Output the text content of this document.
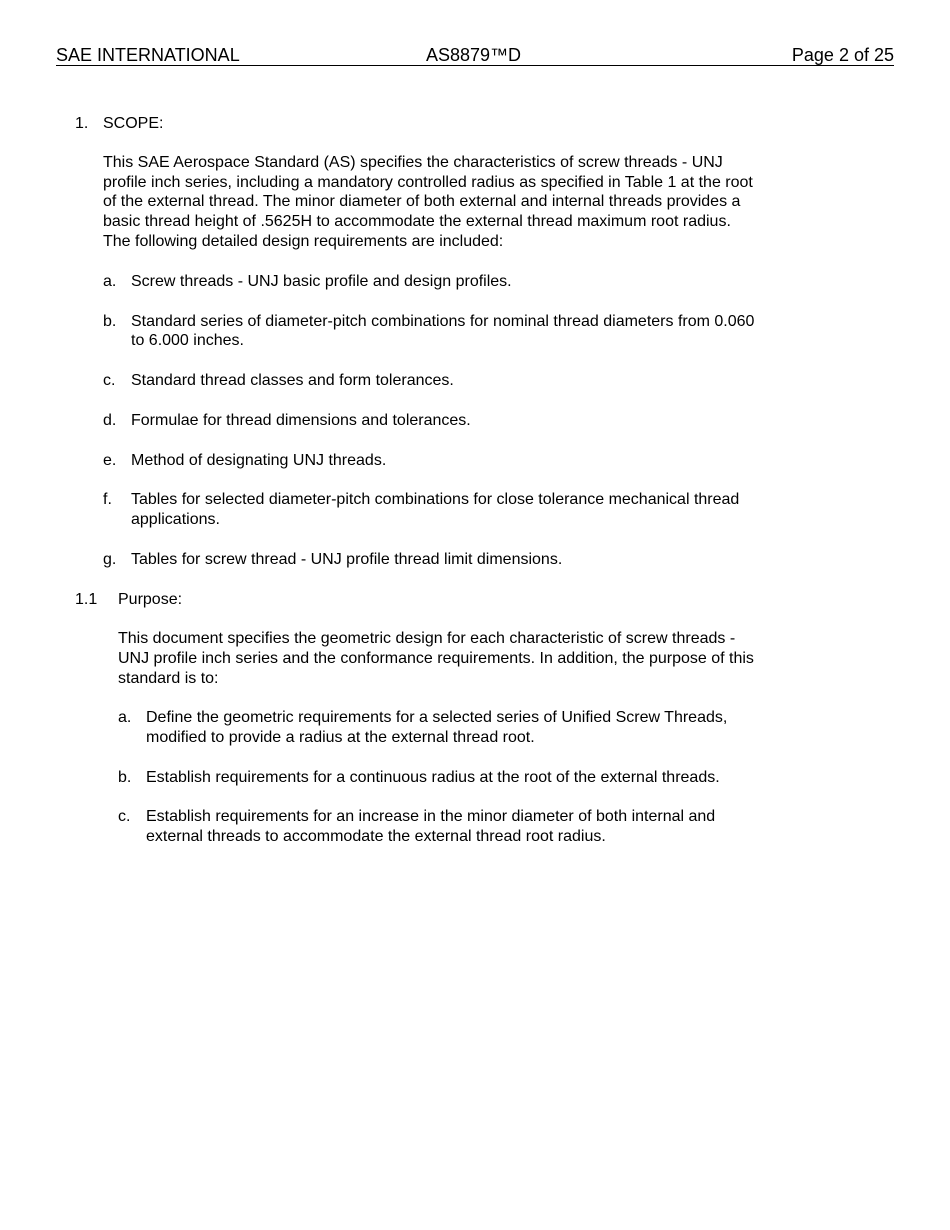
SAE INTERNATIONAL	AS8879™D	Page 2 of 25
1. SCOPE:
This SAE Aerospace Standard (AS) specifies the characteristics of screw threads - UNJ
profile inch series, including a mandatory controlled radius as specified in Table 1 at the root
of the external thread. The minor diameter of both external and internal threads provides a
basic thread height of .5625H to accommodate the external thread maximum root radius.
The following detailed design requirements are included:
a. Screw threads - UNJ basic profile and design profiles.
b. Standard series of diameter-pitch combinations for nominal thread diameters from 0.060
to 6.000 inches.
c. Standard thread classes and form tolerances.
d. Formulae for thread dimensions and tolerances.
e. Method of designating UNJ threads.
f. Tables for selected diameter-pitch combinations for close tolerance mechanical thread
applications.
g. Tables for screw thread - UNJ profile thread limit dimensions.
1.1 Purpose:
This document specifies the geometric design for each characteristic of screw threads -
UNJ profile inch series and the conformance requirements. In addition, the purpose of this
standard is to:
a. Define the geometric requirements for a selected series of Unified Screw Threads,
modified to provide a radius at the external thread root.
b. Establish requirements for a continuous radius at the root of the external threads.
c. Establish requirements for an increase in the minor diameter of both internal and
external threads to accommodate the external thread root radius.
